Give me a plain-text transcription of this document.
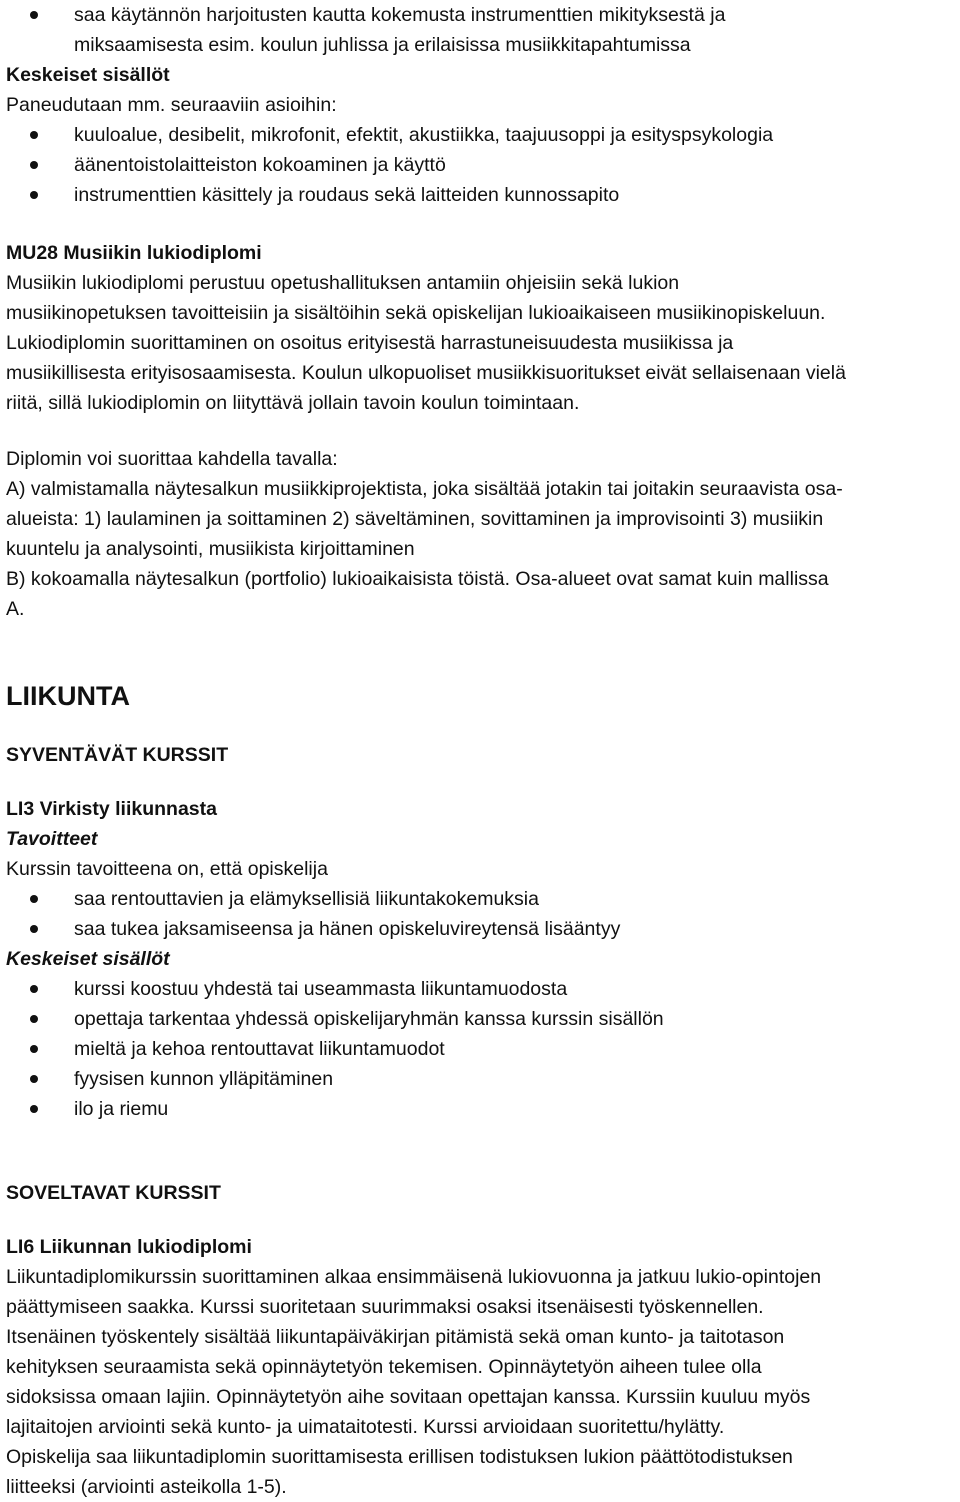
saa käytännön harjoitusten kautta kokemusta instrumenttien mikityksestä ja
miksaamisesta esim. koulun juhlissa ja erilaisissa musiikkitapahtumissa
Keskeiset sisällöt
Paneudutaan mm. seuraaviin asioihin:
kuuloalue, desibelit, mikrofonit, efektit, akustiikka, taajuusoppi ja esityspsykologia
äänentoistolaitteiston kokoaminen ja käyttö
instrumenttien käsittely ja roudaus sekä laitteiden kunnossapito
MU28 Musiikin lukiodiplomi
Musiikin lukiodiplomi perustuu opetushallituksen antamiin ohjeisiin sekä lukion
musiikinopetuksen tavoitteisiin ja sisältöihin sekä opiskelijan lukioaikaiseen musiikinopiskeluun.
Lukiodiplomin suorittaminen on osoitus erityisestä harrastuneisuudesta musiikissa ja
musiikillisesta erityisosaamisesta. Koulun ulkopuoliset musiikkisuoritukset eivät sellaisenaan vielä
riitä, sillä lukiodiplomin on liityttävä jollain tavoin koulun toimintaan.
Diplomin voi suorittaa kahdella tavalla:
A) valmistamalla näytesalkun musiikkiprojektista, joka sisältää jotakin tai joitakin seuraavista osa-
alueista: 1) laulaminen ja soittaminen 2) säveltäminen, sovittaminen ja improvisointi 3) musiikin
kuuntelu ja analysointi, musiikista kirjoittaminen
B) kokoamalla näytesalkun (portfolio) lukioaikaisista töistä. Osa-alueet ovat samat kuin mallissa
A.
LIIKUNTA
SYVENTÄVÄT KURSSIT
LI3 Virkisty liikunnasta
Tavoitteet
Kurssin tavoitteena on, että opiskelija
saa rentouttavien ja elämyksellisiä liikuntakokemuksia
saa tukea jaksamiseensa ja hänen opiskeluvireytensä lisääntyy
Keskeiset sisällöt
kurssi koostuu yhdestä tai useammasta liikuntamuodosta
opettaja tarkentaa yhdessä opiskelijaryhmän kanssa kurssin sisällön
mieltä ja kehoa rentouttavat liikuntamuodot
fyysisen kunnon ylläpitäminen
ilo ja riemu
SOVELTAVAT KURSSIT
LI6 Liikunnan lukiodiplomi
Liikuntadiplomikurssin suorittaminen alkaa ensimmäisenä lukiovuonna ja jatkuu lukio-opintojen
päättymiseen saakka. Kurssi suoritetaan suurimmaksi osaksi itsenäisesti työskennellen.
Itsenäinen työskentely sisältää liikuntapäiväkirjan pitämistä sekä oman kunto- ja taitotason
kehityksen seuraamista sekä opinnäytetyön tekemisen. Opinnäytetyön aiheen tulee olla
sidoksissa omaan lajiin. Opinnäytetyön aihe sovitaan opettajan kanssa. Kurssiin kuuluu myös
lajitaitojen arviointi sekä kunto- ja uimataitotesti. Kurssi arvioidaan suoritettu/hylätty.
Opiskelija saa liikuntadiplomin suorittamisesta erillisen todistuksen lukion päättötodistuksen
liitteeksi (arviointi asteikolla 1-5).
